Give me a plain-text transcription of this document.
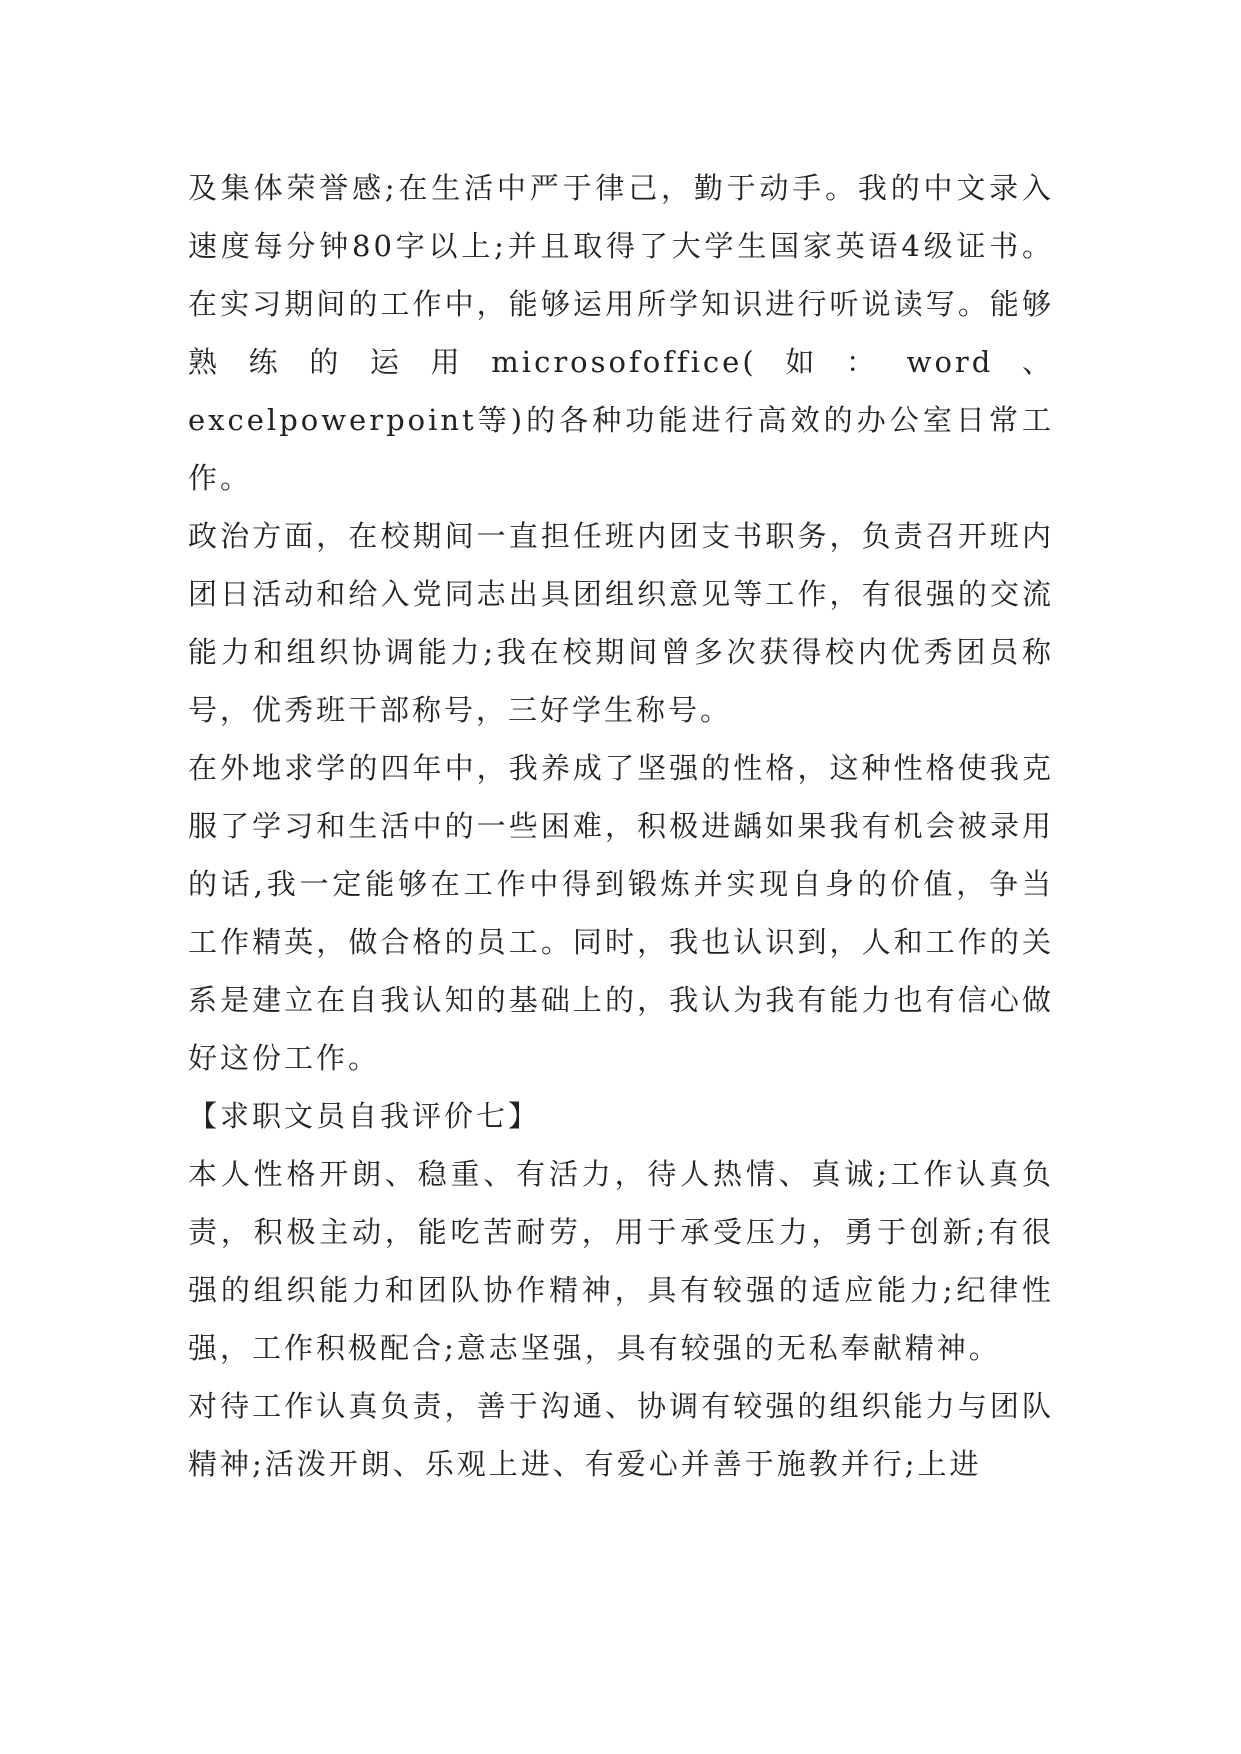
及集体荣誉感;在生活中严于律己，勤于动手。我的中文录入速度每分钟80字以上;并且取得了大学生国家英语4级证书。在实习期间的工作中，能够运用所学知识进行听说读写。能够熟练的运用microsofoffice(如：word、excelpowerpoint等)的各种功能进行高效的办公室日常工作。

政治方面，在校期间一直担任班内团支书职务，负责召开班内团日活动和给入党同志出具团组织意见等工作，有很强的交流能力和组织协调能力;我在校期间曾多次获得校内优秀团员称号，优秀班干部称号，三好学生称号。

在外地求学的四年中，我养成了坚强的性格，这种性格使我克服了学习和生活中的一些困难，积极进龋如果我有机会被录用的话,我一定能够在工作中得到锻炼并实现自身的价值，争当工作精英，做合格的员工。同时，我也认识到，人和工作的关系是建立在自我认知的基础上的，我认为我有能力也有信心做好这份工作。

【求职文员自我评价七】

本人性格开朗、稳重、有活力，待人热情、真诚;工作认真负责，积极主动，能吃苦耐劳，用于承受压力，勇于创新;有很强的组织能力和团队协作精神，具有较强的适应能力;纪律性强，工作积极配合;意志坚强，具有较强的无私奉献精神。

对待工作认真负责，善于沟通、协调有较强的组织能力与团队精神;活泼开朗、乐观上进、有爱心并善于施教并行;上进
